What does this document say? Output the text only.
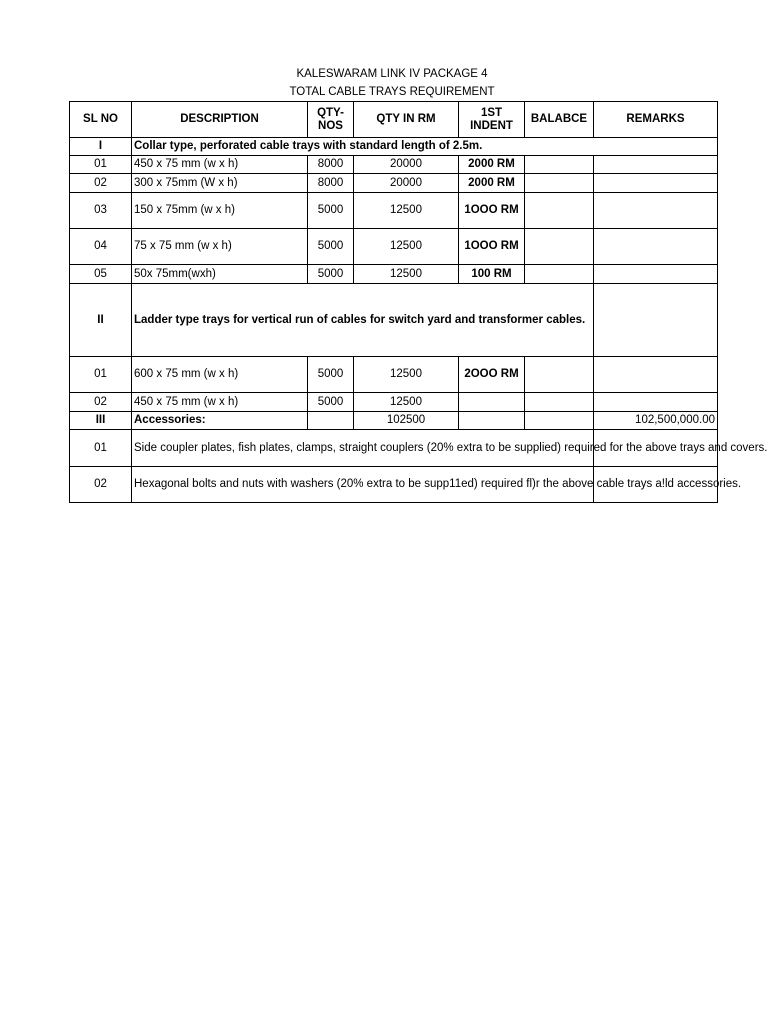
KALESWARAM LINK IV PACKAGE 4
TOTAL CABLE TRAYS REQUIREMENT
SL NO	DESCRIPTION	QTY-NOS	QTY IN RM	1ST INDENT	BALABCE	REMARKS
I	Collar type, perforated cable trays with standard length of 2.5m.					
01	450 x 75 mm (w x h)	8000	20000	2000 RM		
02	300 x 75mm (W x h)	8000	20000	2000 RM		
03	150 x 75mm (w x h)	5000	12500	1OOO RM		
04	75 x 75 mm (w x h)	5000	12500	1OOO RM		
05	50x 75mm(wxh)	5000	12500	100 RM		
II	Ladder type trays for vertical run of cables for switch yard and transformer cables.					
01	600 x 75 mm (w x h)	5000	12500	2OOO RM		
02	450 x 75 mm (w x h)	5000	12500			
III	Accessories:		102500			102,500,000.00
01	Side coupler plates, fish plates, clamps, straight couplers (20% extra to be supplied) required for the above trays and covers.					
02	Hexagonal bolts and nuts with washers (20% extra to be supp11ed) required fl)r the above cable trays a!ld accessories.					
